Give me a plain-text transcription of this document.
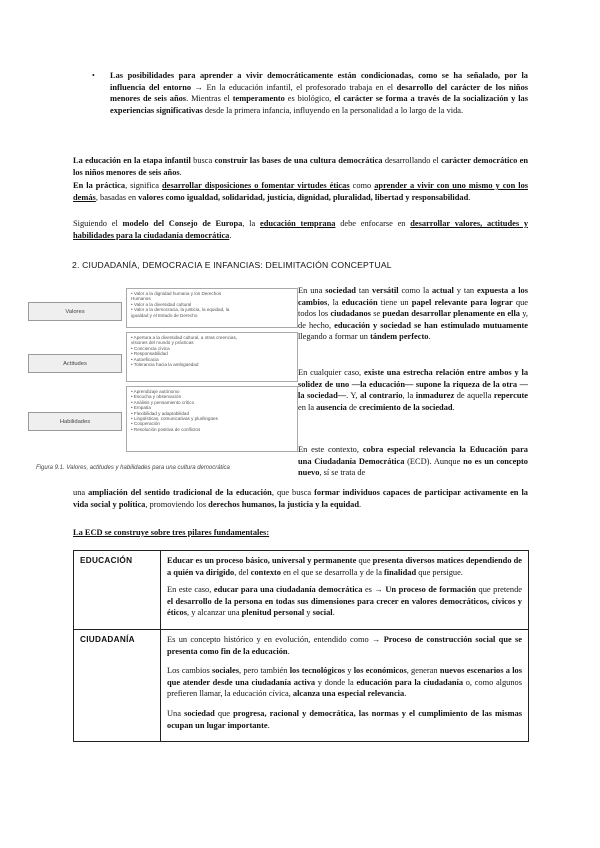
• Las posibilidades para aprender a vivir democráticamente están condicionadas, como se ha señalado, por la influencia del entorno → En la educación infantil, el profesorado trabaja en el desarrollo del carácter de los niños menores de seis años. Mientras el temperamento es biológico, el carácter se forma a través de la socialización y las experiencias significativas desde la primera infancia, influyendo en la personalidad a lo largo de la vida.

La educación en la etapa infantil busca construir las bases de una cultura democrática desarrollando el carácter democrático en los niños menores de seis años.

En la práctica, significa desarrollar disposiciones o fomentar virtudes éticas como aprender a vivir con uno mismo y con los demás, basadas en valores como igualdad, solidaridad, justicia, dignidad, pluralidad, libertad y responsabilidad.

Siguiendo el modelo del Consejo de Europa, la educación temprana debe enfocarse en desarrollar valores, actitudes y habilidades para la ciudadanía democrática.

2. CIUDADANÍA, DEMOCRACIA E INFANCIAS: DELIMITACIÓN CONCEPTUAL
Valores
Actitudes
Habilidades
• Valor a la dignidad humana y los Derechos
Humanos
• Valor a la diversidad cultural
• Valor a la democracia, la justicia, la equidad, la
igualdad y el Estado de Derecho
• Apertura a la diversidad cultural, a otras creencias,
visiones del mundo y prácticas
• Conciencia cívica
• Responsabilidad
• Autoeficacia
• Tolerancia hacia la ambigüedad
• Aprendizaje autónomo
• Escucha y observación
• Análisis y pensamiento crítico
• Empatía
• Flexibilidad y adaptabilidad
• Lingüísticas, comunicativas y plurilingües
• Cooperación
• Resolución positiva de conflictos
Figura 9.1. Valores, actitudes y habilidades para una cultura democrática

En una sociedad tan versátil como la actual y tan expuesta a los cambios, la educación tiene un papel relevante para lograr que todos los ciudadanos se puedan desarrollar plenamente en ella y, de hecho, educación y sociedad se han estimulado mutuamente llegando a formar un tándem perfecto.

En cualquier caso, existe una estrecha relación entre ambos y la solidez de uno —la educación— supone la riqueza de la otra —la sociedad—. Y, al contrario, la inmadurez de aquella repercute en la ausencia de crecimiento de la sociedad.

En este contexto, cobra especial relevancia la Educación para una Ciudadanía Democrática (ECD). Aunque no es un concepto nuevo, sí se trata de

una ampliación del sentido tradicional de la educación, que busca formar individuos capaces de participar activamente en la vida social y política, promoviendo los derechos humanos, la justicia y la equidad.

La ECD se construye sobre tres pilares fundamentales:

EDUCACIÓN	Educar es un proceso básico, universal y permanente que presenta diversos matices dependiendo de a quién va dirigido, del contexto en el que se desarrolla y de la finalidad que persigue.

En este caso, educar para una ciudadanía democrática es → Un proceso de formación que pretende el desarrollo de la persona en todas sus dimensiones para crecer en valores democráticos, cívicos y éticos, y alcanzar una plenitud personal y social.

CIUDADANÍA	Es un concepto histórico y en evolución, entendido como → Proceso de construcción social que se presenta como fin de la educación.

Los cambios sociales, pero también los tecnológicos y los económicos, generan nuevos escenarios a los que atender desde una ciudadanía activa y donde la educación para la ciudadanía o, como algunos prefieren llamar, la educación cívica, alcanza una especial relevancia.

Una sociedad que progresa, racional y democrática, las normas y el cumplimiento de las mismas ocupan un lugar importante.
